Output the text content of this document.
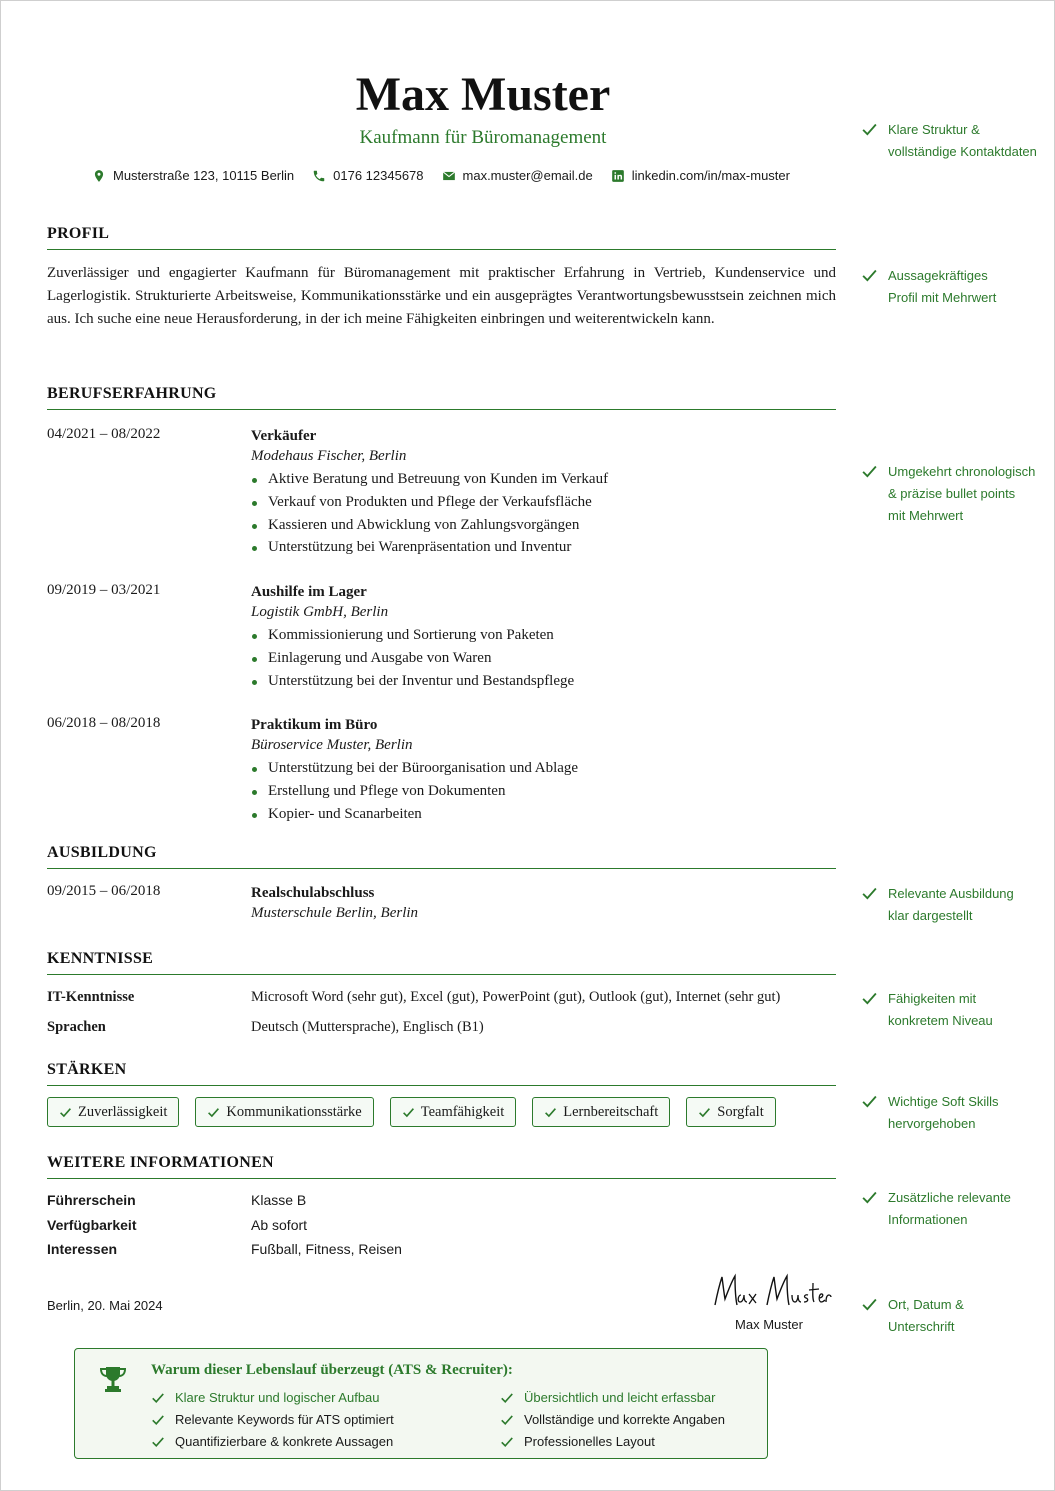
Max Muster
Kaufmann für Büromanagement
Musterstraße 123, 10115 Berlin	0176 12345678	max.muster@email.de	linkedin.com/in/max-muster
PROFIL
Zuverlässiger und engagierter Kaufmann für Büromanagement mit praktischer Erfahrung in Vertrieb, Kundenservice und Lagerlogistik. Strukturierte Arbeitsweise, Kommunikationsstärke und ein ausgeprägtes Verantwortungsbewusstsein zeichnen mich aus. Ich suche eine neue Herausforderung, in der ich meine Fähigkeiten einbringen und weiterentwickeln kann.
BERUFSERFAHRUNG
04/2021 – 08/2022	Verkäufer
Modehaus Fischer, Berlin
Aktive Beratung und Betreuung von Kunden im Verkauf
Verkauf von Produkten und Pflege der Verkaufsfläche
Kassieren und Abwicklung von Zahlungsvorgängen
Unterstützung bei Warenpräsentation und Inventur
09/2019 – 03/2021	Aushilfe im Lager
Logistik GmbH, Berlin
Kommissionierung und Sortierung von Paketen
Einlagerung und Ausgabe von Waren
Unterstützung bei der Inventur und Bestandspflege
06/2018 – 08/2018	Praktikum im Büro
Büroservice Muster, Berlin
Unterstützung bei der Büroorganisation und Ablage
Erstellung und Pflege von Dokumenten
Kopier- und Scanarbeiten
AUSBILDUNG
09/2015 – 06/2018	Realschulabschluss
Musterschule Berlin, Berlin
KENNTNISSE
IT-Kenntnisse	Microsoft Word (sehr gut), Excel (gut), PowerPoint (gut), Outlook (gut), Internet (sehr gut)
Sprachen	Deutsch (Muttersprache), Englisch (B1)
STÄRKEN
Zuverlässigkeit	Kommunikationsstärke	Teamfähigkeit	Lernbereitschaft	Sorgfalt
WEITERE INFORMATIONEN
Führerschein	Klasse B
Verfügbarkeit	Ab sofort
Interessen	Fußball, Fitness, Reisen
Berlin, 20. Mai 2024
Max Muster
Klare Struktur &
vollständige Kontaktdaten
Aussagekräftiges
Profil mit Mehrwert
Umgekehrt chronologisch
& präzise bullet points
mit Mehrwert
Relevante Ausbildung
klar dargestellt
Fähigkeiten mit
konkretem Niveau
Wichtige Soft Skills
hervorgehoben
Zusätzliche relevante
Informationen
Ort, Datum &
Unterschrift
Warum dieser Lebenslauf überzeugt (ATS & Recruiter):
Klare Struktur und logischer Aufbau
Relevante Keywords für ATS optimiert
Quantifizierbare & konkrete Aussagen
Übersichtlich und leicht erfassbar
Vollständige und korrekte Angaben
Professionelles Layout
